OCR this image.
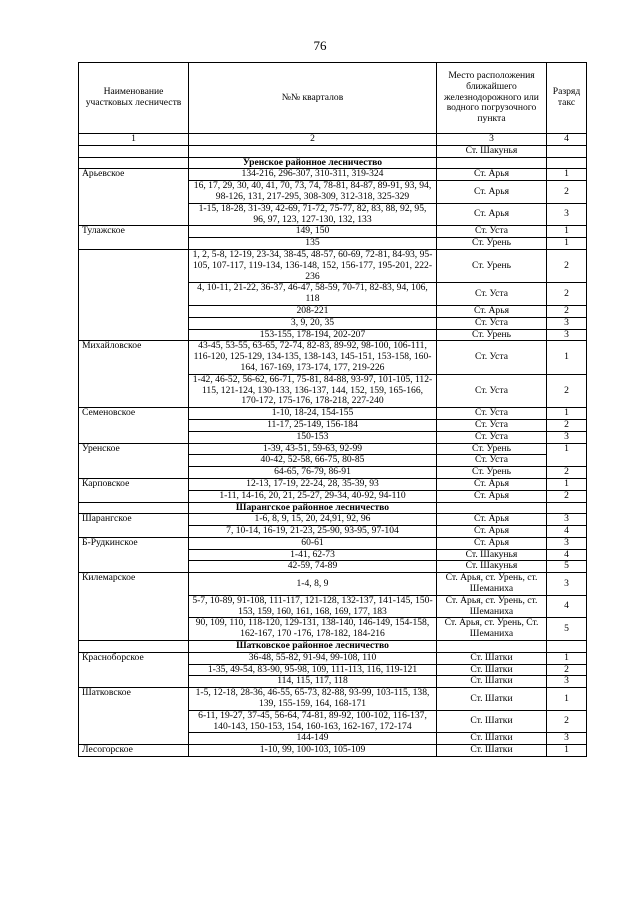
76
Наименование участковых лесничеств	№№ кварталов	Место расположения ближайшего железнодорожного или водного погрузочного пункта	Разряд такс
1	2	3	4
		Ст. Шакунья	
	Уренское районное лесничество		
Арьевское	134-216, 296-307, 310-311, 319-324	Ст. Арья	1
	16, 17, 29, 30, 40, 41, 70, 73, 74, 78-81, 84-87, 89-91, 93, 94, 98-126, 131, 217-295, 308-309, 312-318, 325-329	Ст. Арья	2
	1-15, 18-28, 31-39, 42-69, 71-72, 75-77, 82, 83, 88, 92, 95, 96, 97, 123, 127-130, 132, 133	Ст. Арья	3
Тулажское	149, 150	Ст. Уста	1
	135	Ст. Урень	1
	1, 2, 5-8, 12-19, 23-34, 38-45, 48-57, 60-69, 72-81, 84-93, 95-105, 107-117, 119-134, 136-148, 152, 156-177, 195-201, 222-236	Ст. Урень	2
	4, 10-11, 21-22, 36-37, 46-47, 58-59, 70-71, 82-83, 94, 106, 118	Ст. Уста	2
	208-221	Ст. Арья	2
	3, 9, 20, 35	Ст. Уста	3
	153-155, 178-194, 202-207	Ст. Урень	3
Михайловское	43-45, 53-55, 63-65, 72-74, 82-83, 89-92, 98-100, 106-111, 116-120, 125-129, 134-135, 138-143, 145-151, 153-158, 160-164, 167-169, 173-174, 177, 219-226	Ст. Уста	1
	1-42, 46-52, 56-62, 66-71, 75-81, 84-88, 93-97, 101-105, 112-115, 121-124, 130-133, 136-137, 144, 152, 159, 165-166, 170-172, 175-176, 178-218, 227-240	Ст. Уста	2
Семеновское	1-10, 18-24, 154-155	Ст. Уста	1
	11-17, 25-149, 156-184	Ст. Уста	2
	150-153	Ст. Уста	3
Уренское	1-39, 43-51, 59-63, 92-99	Ст. Урень	1
	40-42, 52-58, 66-75, 80-85	Ст. Уста	
	64-65, 76-79, 86-91	Ст. Урень	2
Карповское	12-13, 17-19, 22-24, 28, 35-39, 93	Ст. Арья	1
	1-11, 14-16, 20, 21, 25-27, 29-34, 40-92, 94-110	Ст. Арья	2
	Шарангское районное лесничество		
Шарангское	1-6, 8, 9, 15, 20, 24,91, 92, 96	Ст. Арья	3
	7, 10-14, 16-19, 21-23, 25-90, 93-95, 97-104	Ст. Арья	4
Б-Рудкинское	60-61	Ст. Арья	3
	1-41, 62-73	Ст. Шакунья	4
	42-59, 74-89	Ст. Шакунья	5
Килемарское	1-4, 8, 9	Ст. Арья, ст. Урень, ст. Шеманиха	3
	5-7, 10-89, 91-108, 111-117, 121-128, 132-137, 141-145, 150-153, 159, 160, 161, 168, 169, 177, 183	Ст. Арья, ст. Урень, ст. Шеманиха	4
	90, 109, 110, 118-120, 129-131, 138-140, 146-149, 154-158, 162-167, 170 -176, 178-182, 184-216	Ст. Арья, ст. Урень, Ст. Шеманиха	5
	Шатковское районное лесничество		
Красноборское	36-48, 55-82, 91-94, 99-108, 110	Ст. Шатки	1
	1-35, 49-54, 83-90, 95-98, 109, 111-113, 116, 119-121	Ст. Шатки	2
	114, 115, 117, 118	Ст. Шатки	3
Шатковское	1-5, 12-18, 28-36, 46-55, 65-73, 82-88, 93-99, 103-115, 138, 139, 155-159, 164, 168-171	Ст. Шатки	1
	6-11, 19-27, 37-45, 56-64, 74-81, 89-92, 100-102, 116-137, 140-143, 150-153, 154, 160-163, 162-167, 172-174	Ст. Шатки	2
	144-149	Ст. Шатки	3
Лесогорское	1-10, 99, 100-103, 105-109	Ст. Шатки	1
